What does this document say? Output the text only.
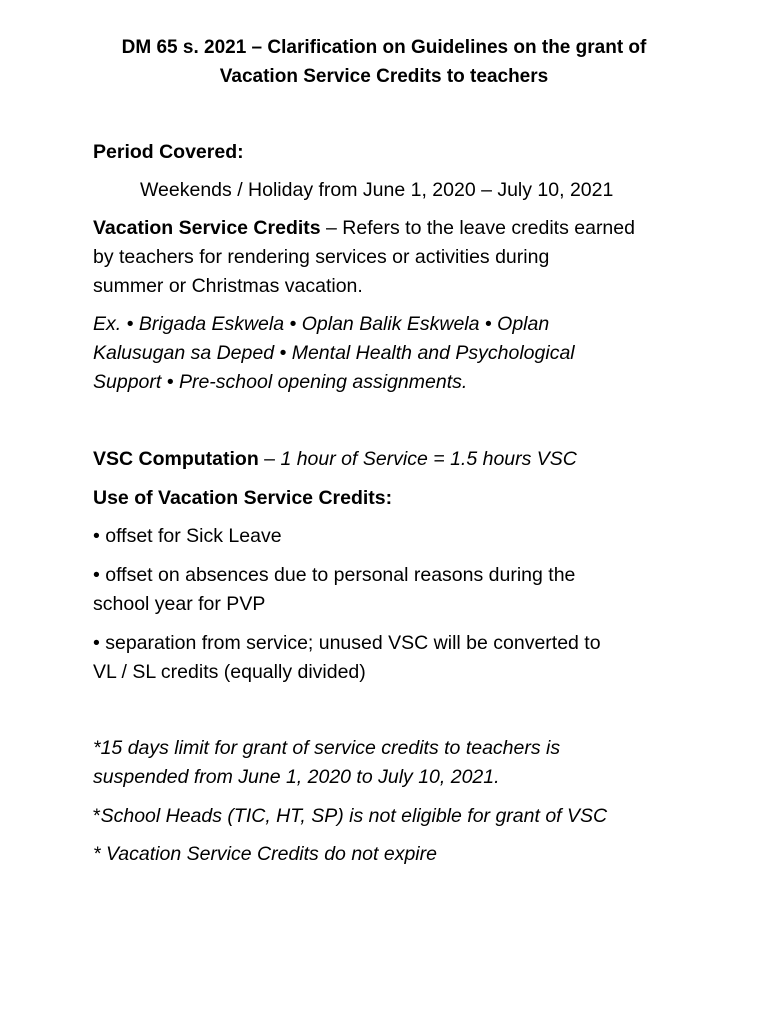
DM 65 s. 2021 – Clarification on Guidelines on the grant of
Vacation Service Credits to teachers
Period Covered:
Weekends / Holiday from June 1, 2020 – July 10, 2021
Vacation Service Credits – Refers to the leave credits earned
by teachers for rendering services or activities during
summer or Christmas vacation.
Ex. • Brigada Eskwela • Oplan Balik Eskwela • Oplan
Kalusugan sa Deped • Mental Health and Psychological
Support • Pre-school opening assignments.
VSC Computation – 1 hour of Service = 1.5 hours VSC
Use of Vacation Service Credits:
• offset for Sick Leave
• offset on absences due to personal reasons during the
school year for PVP
• separation from service; unused VSC will be converted to
VL / SL credits (equally divided)
*15 days limit for grant of service credits to teachers is
suspended from June 1, 2020 to July 10, 2021.
*School Heads (TIC, HT, SP) is not eligible for grant of VSC
* Vacation Service Credits do not expire
